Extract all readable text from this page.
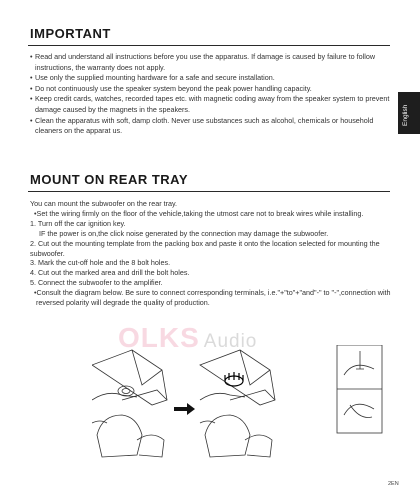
IMPORTANT
• Read and understand all instructions before you use the apparatus. If damage is caused by failure to follow instructions, the warranty does not apply.
• Use only the supplied mounting hardware for a safe and secure installation.
• Do not continuously use the speaker system beyond the peak power handling capacity.
• Keep credit cards, watches, recorded tapes etc. with magnetic coding away from the speaker system to prevent damage caused by the magnets in the speakers.
• Clean the apparatus with soft, damp cloth. Never use substances such as alcohol, chemicals or household cleaners on the apparat us.
English
MOUNT ON REAR TRAY

You can mount the subwoofer on the rear tray.

•Set the wiring firmly on the floor of the vehicle,taking the utmost care not to break wires while installing.

1. Turn off the car ignition key.

IF the power is on,the click noise generated by the connection may damage the subwoofer.

2. Cut out the mounting template from the packing box and paste it onto the location selected for mounting the subwoofer.

3. Mark the cut-off hole and the 8 bolt holes.

4. Cut out the marked area and drill the bolt holes.

5. Connect the subwoofer to the amplifier.

•Consult the diagram below. Be sure to connect corresponding terminals, i.e."+"to"+"and"-" to "-",connection with reversed polarity will degrade the quality of production.

OLKS Audio
2EN
